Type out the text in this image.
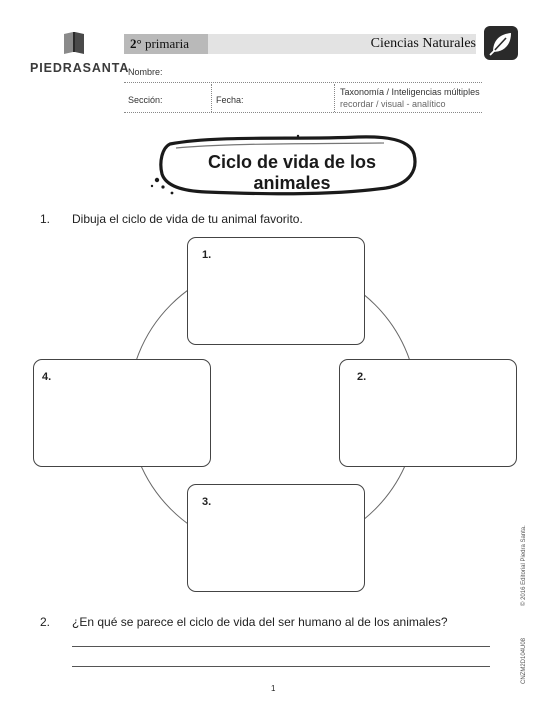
PIEDRASANTA
2° primaria	Ciencias Naturales
Nombre:
Sección:	Fecha:
Taxonomía / Inteligencias múltiples
recordar / visual - analítico
Ciclo de vida de los animales
1. Dibuja el ciclo de vida de tu animal favorito.
1.
2.
3.
4.
2. ¿En qué se parece el ciclo de vida del ser humano al de los animales?
1
© 2016 Editorial Piedra Santa.
CNZM2D104U08
